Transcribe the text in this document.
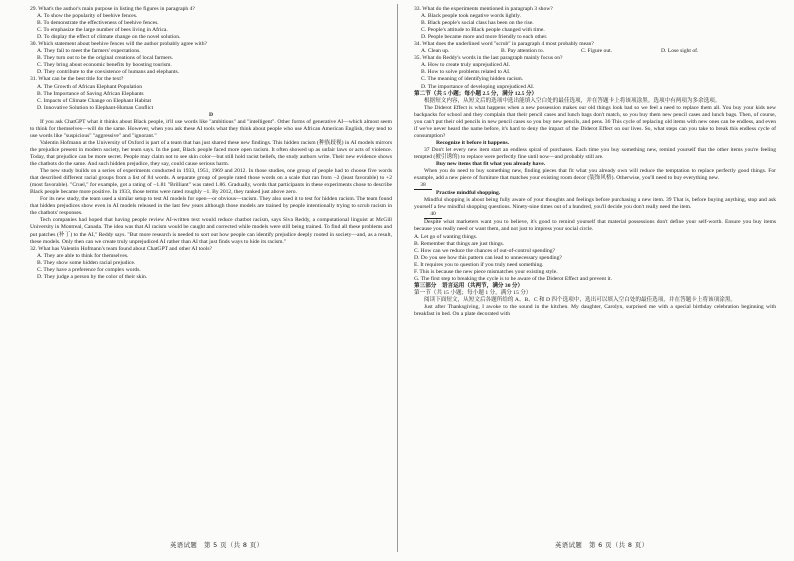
29. What's the author's main purpose in listing the figures in paragraph 4?

A. To show the popularity of beehive fences.

B. To demonstrate the effectiveness of beehive fences.

C. To emphasize the large number of bees living in Africa.

D. To display the effect of climate change on the novel solution.

30. Which statement about beehive fences will the author probably agree with?

A. They fail to meet the farmers' expectations.

B. They turn out to be the original creations of local farmers.

C. They bring about economic benefits by boosting tourism.

D. They contribute to the coexistence of humans and elephants.

31. What can be the best title for the text?

A. The Growth of African Elephant Population

B. The Importance of Saving African Elephants

C. Impacts of Climate Change on Elephant Habitat

D. Innovative Solution to Elephant-Human Conflict

D

If you ask ChatGPT what it thinks about Black people, it'll use words like "ambitious" and "intelligent". Other forms of generative AI—which almost seem to think for themselves—will do the same. However, when you ask these AI tools what they think about people who use African American English, they tend to use words like "suspicious" "aggressive" and "ignorant."

Valentin Hofmann at the University of Oxford is part of a team that has just shared these new findings. This hidden racism (种族歧视) in AI models mirrors the prejudice present in modern society, her team says. In the past, Black people faced more open racism. It often showed up as unfair laws or acts of violence. Today, that prejudice can be more secret. People may claim not to see skin color—but still hold racist beliefs, the study authors write. Their new evidence shows the chatbots do the same. And such hidden prejudice, they say, could cause serious harm.

The new study builds on a series of experiments conducted in 1933, 1951, 1969 and 2012. In those studies, one group of people had to choose five words that described different racial groups from a list of 84 words. A separate group of people rated those words on a scale that ran from −2 (least favorable) to +2 (most favorable). "Cruel," for example, got a rating of −1.81 "Brilliant" was rated 1.86. Gradually, words that participants in these experiments chose to describe Black people became more positive. In 1933, those terms were rated roughly −1. By 2012, they ranked just above zero.

For its new study, the team used a similar setup to test AI models for open—or obvious—racism. They also used it to test for hidden racism. The team found that hidden prejudices show even in AI models released in the last few years although those models are trained by people intentionally trying to scrub racism in the chatbots' responses.

Tech companies had hoped that having people review AI-written text would reduce chatbot racism, says Siva Reddy, a computational linguist at McGill University in Montreal, Canada. The idea was that AI racism would be caught and corrected while models were still being trained. To find all these problems and put patches (补丁) to the AI," Reddy says. "But more research is needed to sort out how people can identify prejudice deeply rooted in society—and, as a result, these models. Only then can we create truly unprejudiced AI rather than AI that just finds ways to hide its racism."

32. What has Valentin Hofmann's team found about ChatGPT and other AI tools?

A. They are able to think for themselves.

B. They show some hidden racial prejudice.

C. They have a preference for complex words.

D. They judge a person by the color of their skin.

33. What do the experiments mentioned in paragraph 3 show?

A. Black people took negative words lightly.

B. Black people's social class has been on the rise.

C. People's attitude to Black people changed with time.

D. People became more and more friendly to each other.

34. What does the underlined word "scrub" in paragraph 4 most probably mean?

A. Clean up.	B. Pay attention to.	C. Figure out.	D. Lose sight of.

35. What do Reddy's words in the last paragraph mainly focus on?

A. How to create truly unprejudiced AI.

B. How to solve problems related to AI.

C. The meaning of identifying hidden racism.

D. The importance of developing unprejudiced AI.

第二节（共 5 小题；每小题 2.5 分，满分 12.5 分）

根据短文内容，从短文后的选项中选出能填入空白处的最佳选项，并在答题卡上将该项涂黑。选项中有两项为多余选项。

The Diderot Effect is what happens when a new possession makes our old things look bad so we feel a need to replace them all. You buy your kids new backpacks for school and they complain that their pencil cases and lunch bags don't match, so you buy them new pencil cases and lunch bags. Then, of course, you can't put their old pencils in new pencil cases so you buy new pencils, and pens. 36 This cycle of replacing old items with new ones can be endless, and even if we've never heard the name before, it's hard to deny the impact of the Diderot Effect on our lives. So, what steps can you take to break this endless cycle of consumption?

Recognize it before it happens.

37 Don't let every new item start an endless spiral of purchases. Each time you buy something new, remind yourself that the other items you're feeling tempted (被引诱的) to replace were perfectly fine until now—and probably still are.

Buy new items that fit what you already have.

When you do need to buy something new, finding pieces that fit what you already own will reduce the temptation to replace perfectly good things. For example, add a new piece of furniture that matches your existing room decor (装饰风格). Otherwise, you'll need to buy everything new.

38

Practise mindful shopping.

Mindful shopping is about being fully aware of your thoughts and feelings before purchasing a new item. 39 That is, before buying anything, stop and ask yourself a few mindful shopping questions. Ninety-nine times out of a hundred, you'll decide you don't really need the item.

40

Despite what marketers want you to believe, it's good to remind yourself that material possessions don't define your self-worth. Ensure you buy items because you really need or want them, and not just to impress your social circle.

A. Let go of wanting things.

B. Remember that things are just things.

C. How can we reduce the chances of out-of-control spending?

D. Do you see how this pattern can lead to unnecessary spending?

E. It requires you to question if you truly need something.

F. This is because the new piece mismatches your existing style.

G. The first step to breaking the cycle is to be aware of the Diderot Effect and prevent it.

第三部分　语言运用（共两节，满分 30 分）

第一节（共 15 小题；每小题 1 分，满分 15 分）

阅读下面短文，从短文后各题所给的 A、B、C 和 D 四个选项中，选出可以填入空白处的最佳选项，并在答题卡上将该项涂黑。

Just after Thanksgiving, I awoke to the sound in the kitchen. My daughter, Carolyn, surprised me with a special birthday celebration beginning with breakfast in bed. On a plate decorated with

英语试题　第 5 页（共 8 页）	英语试题　第 6 页（共 8 页）
